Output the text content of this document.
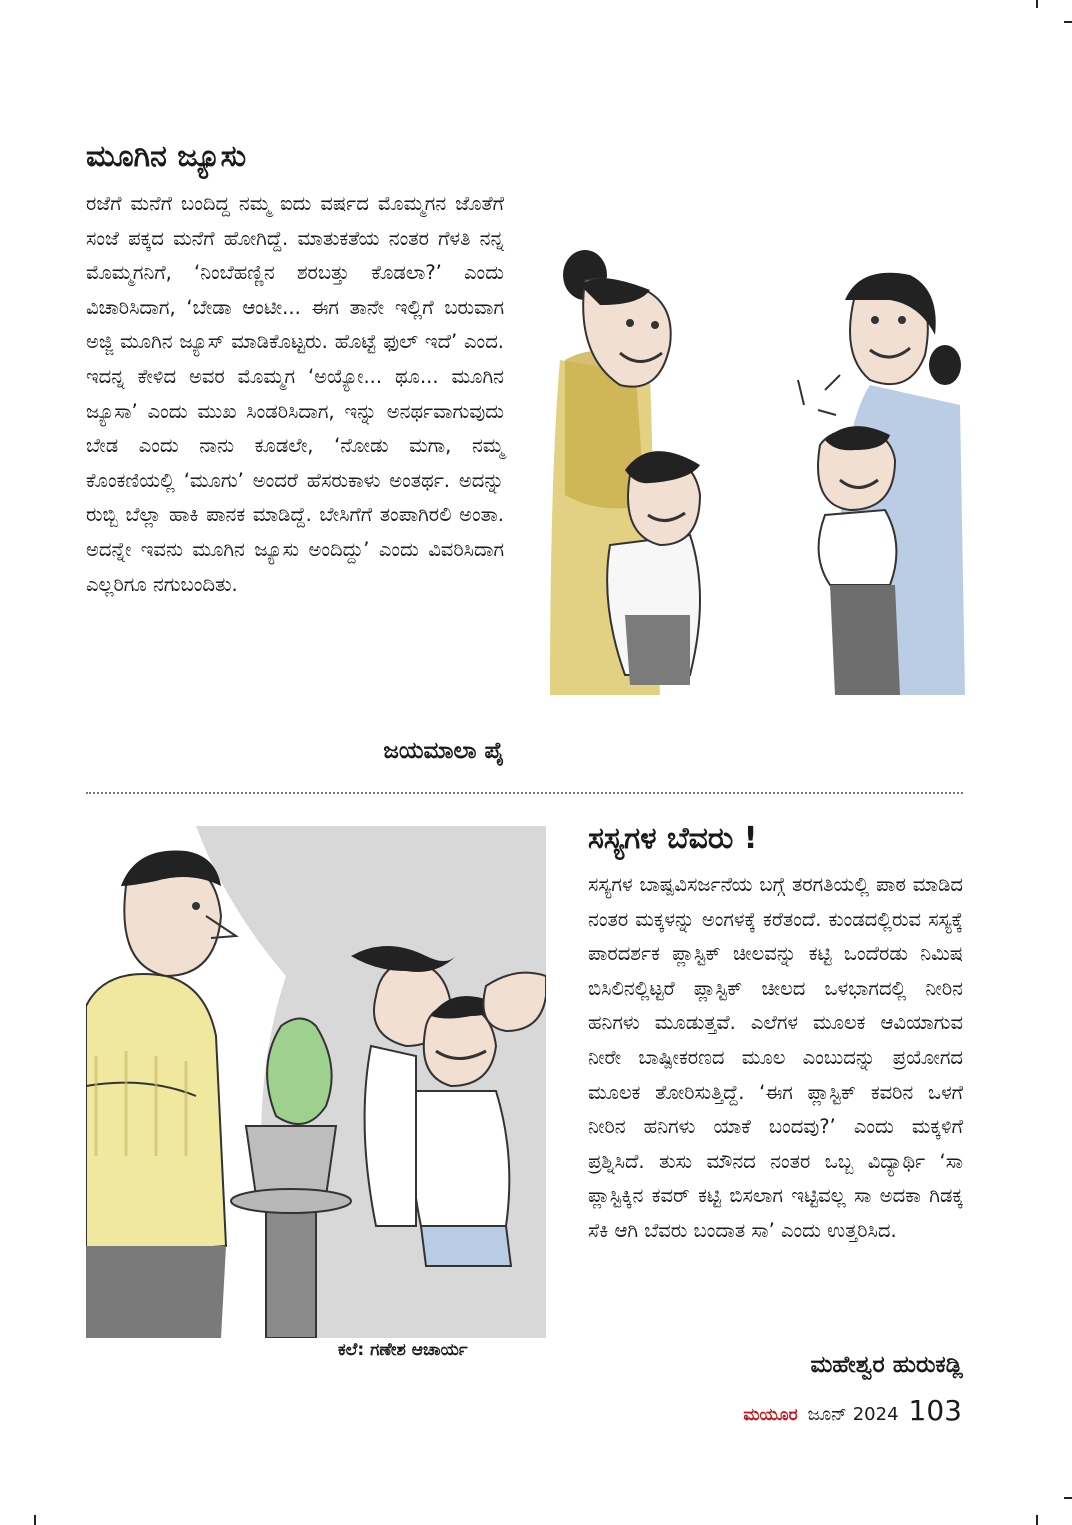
ಮೂಗಿನ ಜ್ಯೂಸು

ರಜೆಗೆ ಮನೆಗೆ ಬಂದಿದ್ದ ನಮ್ಮ ಐದು ವರ್ಷದ ಮೊಮ್ಮಗನ ಜೊತೆಗೆ ಸಂಜೆ ಪಕ್ಕದ ಮನೆಗೆ ಹೋಗಿದ್ದೆ. ಮಾತುಕತೆಯ ನಂತರ ಗೆಳತಿ ನನ್ನ ಮೊಮ್ಮಗನಿಗೆ, ‘ನಿಂಬೆಹಣ್ಣಿನ ಶರಬತ್ತು ಕೊಡಲಾ?’ ಎಂದು ವಿಚಾರಿಸಿದಾಗ, ‘ಬೇಡಾ ಆಂಟೀ... ಈಗ ತಾನೇ ಇಲ್ಲಿಗೆ ಬರುವಾಗ ಅಜ್ಜಿ ಮೂಗಿನ ಜ್ಯೂಸ್ ಮಾಡಿಕೊಟ್ಟರು. ಹೊಟ್ಟೆ ಫುಲ್ ಇದೆ’ ಎಂದ. ಇದನ್ನ ಕೇಳಿದ ಅವರ ಮೊಮ್ಮಗ ‘ಅಯ್ಯೋ... ಥೂ... ಮೂಗಿನ ಜ್ಯೂಸಾ’ ಎಂದು ಮುಖ ಸಿಂಡರಿಸಿದಾಗ, ಇನ್ನು ಅನರ್ಥವಾಗುವುದು ಬೇಡ ಎಂದು ನಾನು ಕೂಡಲೇ, ‘ನೋಡು ಮಗಾ, ನಮ್ಮ ಕೊಂಕಣಿಯಲ್ಲಿ ‘ಮೂಗು’ ಅಂದರೆ ಹೆಸರುಕಾಳು ಅಂತರ್ಥ. ಅದನ್ನು ರುಬ್ಬಿ ಬೆಲ್ಲಾ ಹಾಕಿ ಪಾನಕ ಮಾಡಿದ್ದೆ. ಬೇಸಿಗೆಗೆ ತಂಪಾಗಿರಲಿ ಅಂತಾ. ಅದನ್ನೇ ಇವನು ಮೂಗಿನ ಜ್ಯೂಸು ಅಂದಿದ್ದು’ ಎಂದು ವಿವರಿಸಿದಾಗ ಎಲ್ಲರಿಗೂ ನಗುಬಂದಿತು.

ಜಯಮಾಲಾ ಪೈ
ಕಲೆ: ಗಣೇಶ ಆಚಾರ್ಯ
ಸಸ್ಯಗಳ ಬೆವರು !

ಸಸ್ಯಗಳ ಬಾಷ್ಪವಿಸರ್ಜನೆಯ ಬಗ್ಗೆ ತರಗತಿಯಲ್ಲಿ ಪಾಠ ಮಾಡಿದ ನಂತರ ಮಕ್ಕಳನ್ನು ಅಂಗಳಕ್ಕೆ ಕರೆತಂದೆ. ಕುಂಡದಲ್ಲಿರುವ ಸಸ್ಯಕ್ಕೆ ಪಾರದರ್ಶಕ ಪ್ಲಾಸ್ಟಿಕ್ ಚೀಲವನ್ನು ಕಟ್ಟಿ ಒಂದೆರಡು ನಿಮಿಷ ಬಿಸಿಲಿನಲ್ಲಿಟ್ಟರೆ ಪ್ಲಾಸ್ಟಿಕ್ ಚೀಲದ ಒಳಭಾಗದಲ್ಲಿ ನೀರಿನ ಹನಿಗಳು ಮೂಡುತ್ತವೆ. ಎಲೆಗಳ ಮೂಲಕ ಆವಿಯಾಗುವ ನೀರೇ ಬಾಷ್ಪೀಕರಣದ ಮೂಲ ಎಂಬುದನ್ನು ಪ್ರಯೋಗದ ಮೂಲಕ ತೋರಿಸುತ್ತಿದ್ದೆ. ‘ಈಗ ಪ್ಲಾಸ್ಟಿಕ್ ಕವರಿನ ಒಳಗೆ ನೀರಿನ ಹನಿಗಳು ಯಾಕೆ ಬಂದವು?’ ಎಂದು ಮಕ್ಕಳಿಗೆ ಪ್ರಶ್ನಿಸಿದೆ. ತುಸು ಮೌನದ ನಂತರ ಒಬ್ಬ ವಿದ್ಯಾರ್ಥಿ ‘ಸಾ ಪ್ಲಾಸ್ಟಿಕ್ಕಿನ ಕವರ್ ಕಟ್ಟಿ ಬಿಸಲಾಗ ಇಟ್ಟಿವಲ್ಲ ಸಾ ಅದಕಾ ಗಿಡಕ್ಕ ಸೆಕಿ ಆಗಿ ಬೆವರು ಬಂದಾತ ಸಾ’ ಎಂದು ಉತ್ತರಿಸಿದ.

ಮಹೇಶ್ವರ ಹುರುಕಡ್ಲಿ
ಮಯೂರ ಜೂನ್ 2024 103
